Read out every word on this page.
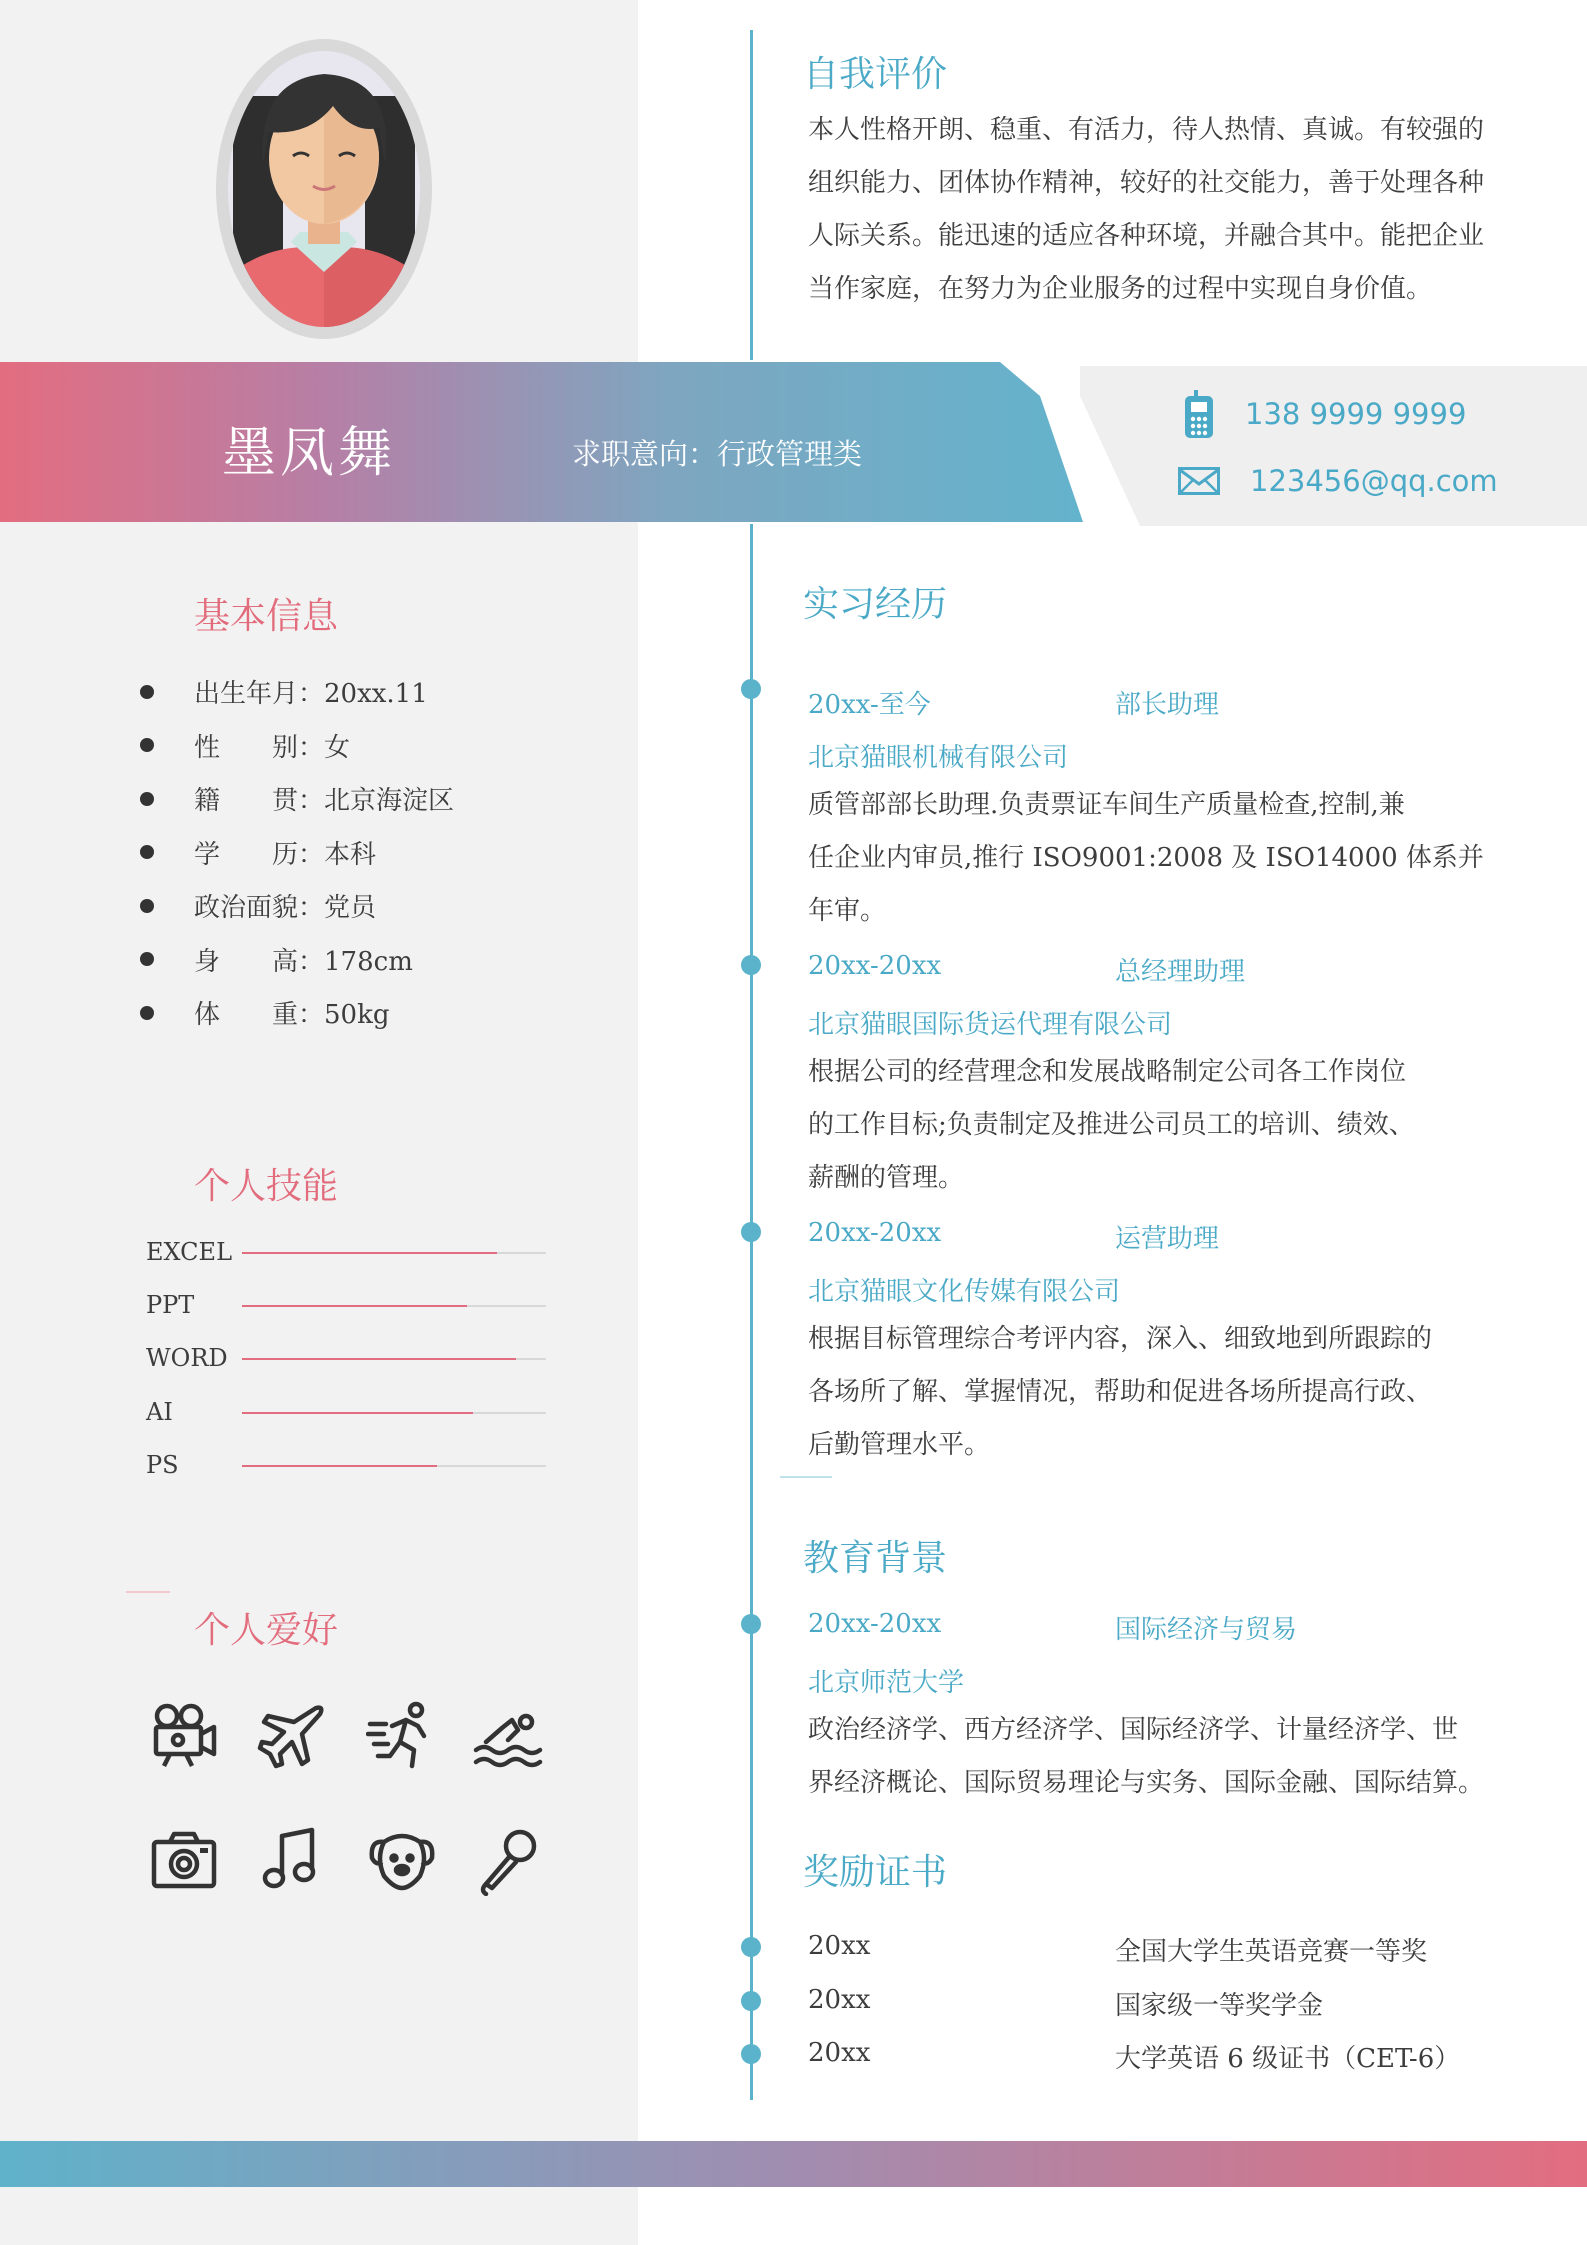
墨凤舞	求职意向：行政管理类
138 9999 9999
123456@qq.com
自我评价
本人性格开朗、稳重、有活力，待人热情、真诚。有较强的
组织能力、团体协作精神，较好的社交能力，善于处理各种
人际关系。能迅速的适应各种环境，并融合其中。能把企业
当作家庭，在努力为企业服务的过程中实现自身价值。
基本信息
出生年月：20xx.11
性　　别：女
籍　　贯：北京海淀区
学　　历：本科
政治面貌：党员
身　　高：178cm
体　　重：50kg
个人技能
EXCEL
PPT
WORD
AI
PS
个人爱好
实习经历
20xx-至今	部长助理
北京猫眼机械有限公司
质管部部长助理.负责票证车间生产质量检查,控制,兼
任企业内审员,推行 ISO9001:2008 及 ISO14000 体系并
年审。
20xx-20xx	总经理助理
北京猫眼国际货运代理有限公司
根据公司的经营理念和发展战略制定公司各工作岗位
的工作目标;负责制定及推进公司员工的培训、绩效、
薪酬的管理。
20xx-20xx	运营助理
北京猫眼文化传媒有限公司
根据目标管理综合考评内容，深入、细致地到所跟踪的
各场所了解、掌握情况，帮助和促进各场所提高行政、
后勤管理水平。
教育背景
20xx-20xx	国际经济与贸易
北京师范大学
政治经济学、西方经济学、国际经济学、计量经济学、世
界经济概论、国际贸易理论与实务、国际金融、国际结算。
奖励证书
20xx	全国大学生英语竞赛一等奖
20xx	国家级一等奖学金
20xx	大学英语 6 级证书（CET-6）
